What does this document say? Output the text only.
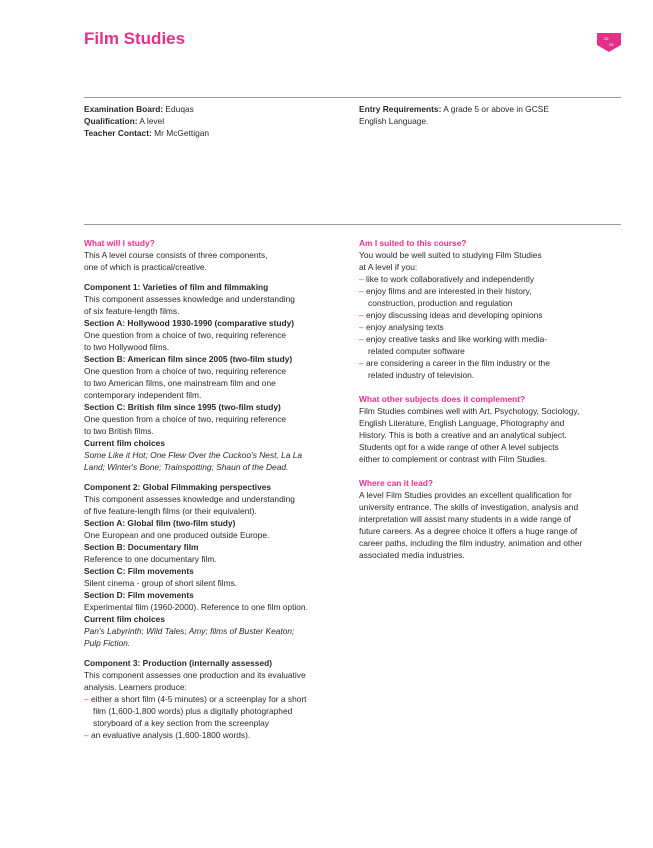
Film Studies	25
26

Examination Board: Eduqas

Qualification: A level

Teacher Contact: Mr McGettigan

Entry Requirements: A grade 5 or above in GCSE

English Language.

What will I study?

This A level course consists of three components,

one of which is practical/creative.

Component 1: Varieties of film and filmmaking

This component assesses knowledge and understanding

of six feature-length films.

Section A: Hollywood 1930-1990 (comparative study)

One question from a choice of two, requiring reference

to two Hollywood films.

Section B: American film since 2005 (two-film study)

One question from a choice of two, requiring reference

to two American films, one mainstream film and one

contemporary independent film.

Section C: British film since 1995 (two-film study)

One question from a choice of two, requiring reference

to two British films.

Current film choices

Some Like it Hot; One Flew Over the Cuckoo's Nest, La La

Land; Winter's Bone; Trainspotting; Shaun of the Dead.

Component 2: Global Filmmaking perspectives

This component assesses knowledge and understanding

of five feature-length films (or their equivalent).

Section A: Global film (two-film study)

One European and one produced outside Europe.

Section B: Documentary film

Reference to one documentary film.

Section C: Film movements

Silent cinema - group of short silent films.

Section D: Film movements

Experimental film (1960-2000). Reference to one film option.

Current film choices

Pan's Labyrinth; Wild Tales; Amy; films of Buster Keaton;

Pulp Fiction.

Component 3: Production (internally assessed)

This component assesses one production and its evaluative

analysis. Learners produce:

– either a short film (4-5 minutes) or a screenplay for a short

film (1,600-1,800 words) plus a digitally photographed

storyboard of a key section from the screenplay

– an evaluative analysis (1,600-1800 words).

Am I suited to this course?

You would be well suited to studying Film Studies

at A level if you:

– like to work collaboratively and independently

– enjoy films and are interested in their history,

construction, production and regulation

– enjoy discussing ideas and developing opinions

– enjoy analysing texts

– enjoy creative tasks and like working with media-

related computer software

– are considering a career in the film industry or the

related industry of television.

What other subjects does it complement?

Film Studies combines well with Art, Psychology, Sociology,

English Literature, English Language, Photography and

History. This is both a creative and an analytical subject.

Students opt for a wide range of other A level subjects

either to complement or contrast with Film Studies.

Where can it lead?

A level Film Studies provides an excellent qualification for

university entrance. The skills of investigation, analysis and

interpretation will assist many students in a wide range of

future careers. As a degree choice it offers a huge range of

career paths, including the film industry, animation and other

associated media industries.
